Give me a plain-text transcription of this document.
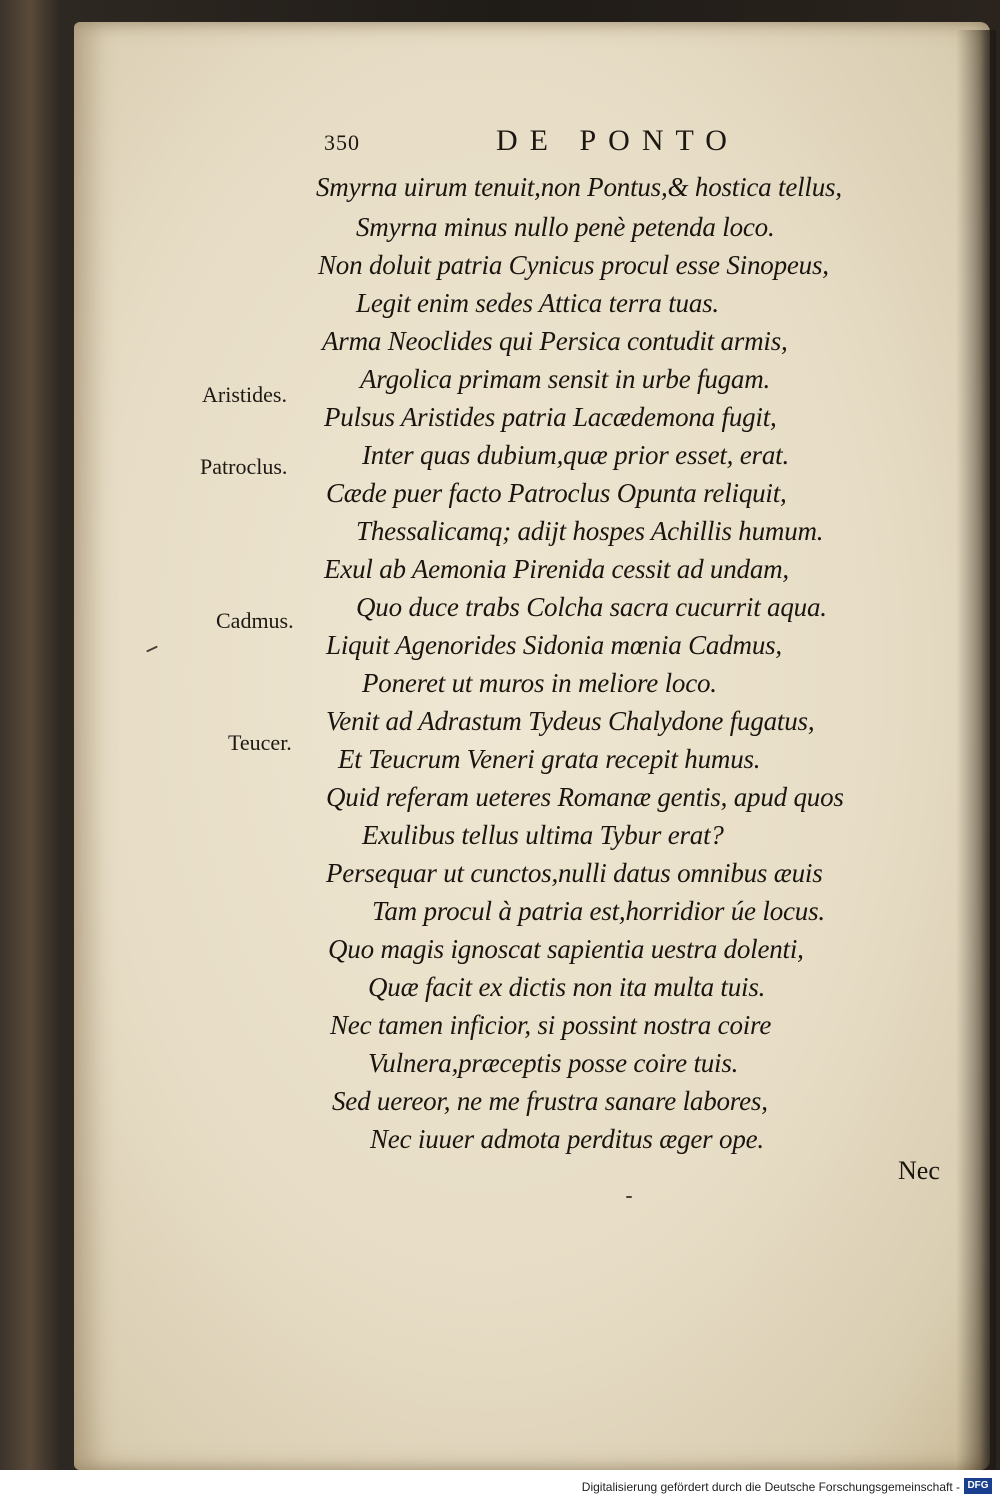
350	DE PONTO
Smyrna uirum tenuit,non Pontus,& hostica tellus,
Smyrna minus nullo penè petenda loco.
Non doluit patria Cynicus procul esse Sinopeus,
Legit enim sedes Attica terra tuas.
Arma Neoclides qui Persica contudit armis,
Argolica primam sensit in urbe fugam.
Pulsus Aristides patria Lacædemona fugit,
Inter quas dubium,quæ prior esset, erat.
Cæde puer facto Patroclus Opunta reliquit,
Thessalicamq; adijt hospes Achillis humum.
Exul ab Aemonia Pirenida cessit ad undam,
Quo duce trabs Colcha sacra cucurrit aqua.
Liquit Agenorides Sidonia mœnia Cadmus,
Poneret ut muros in meliore loco.
Venit ad Adrastum Tydeus Chalydone fugatus,
Et Teucrum Veneri grata recepit humus.
Quid referam ueteres Romanæ gentis, apud quos
Exulibus tellus ultima Tybur erat?
Persequar ut cunctos,nulli datus omnibus æuis
Tam procul à patria est,horridior úe locus.
Quo magis ignoscat sapientia uestra dolenti,
Quæ facit ex dictis non ita multa tuis.
Nec tamen inficior, si possint nostra coire
Vulnera,præceptis posse coire tuis.
Sed uereor, ne me frustra sanare labores,
Nec iuuer admota perditus æger ope.
Aristides.
Patroclus.
Cadmus.
Teucer.
Nec
Digitalisierung gefördert durch die Deutsche Forschungsgemeinschaft - DFG
